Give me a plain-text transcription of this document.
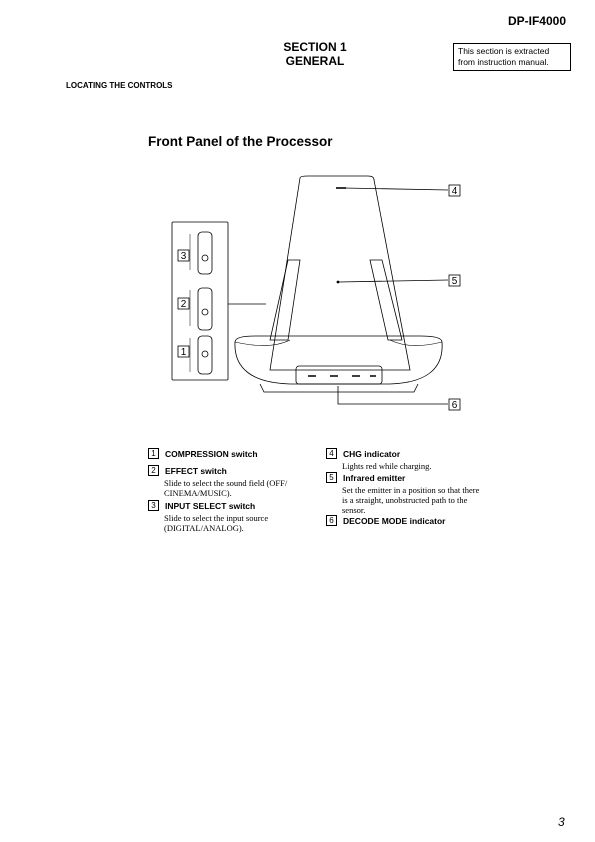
DP-IF4000
SECTION 1
GENERAL
This section is extracted
from instruction manual.
LOCATING THE CONTROLS
Front Panel of the Processor
3
2
1
4
5
6
1	COMPRESSION switch
2	EFFECT switch
Slide to select the sound field (OFF/
CINEMA/MUSIC).
3	INPUT SELECT switch
Slide to select the input source
(DIGITAL/ANALOG).
4	CHG indicator
Lights red while charging.
5	Infrared emitter
Set the emitter in a position so that there
is a straight, unobstructed path to the
sensor.
6	DECODE MODE indicator
3
